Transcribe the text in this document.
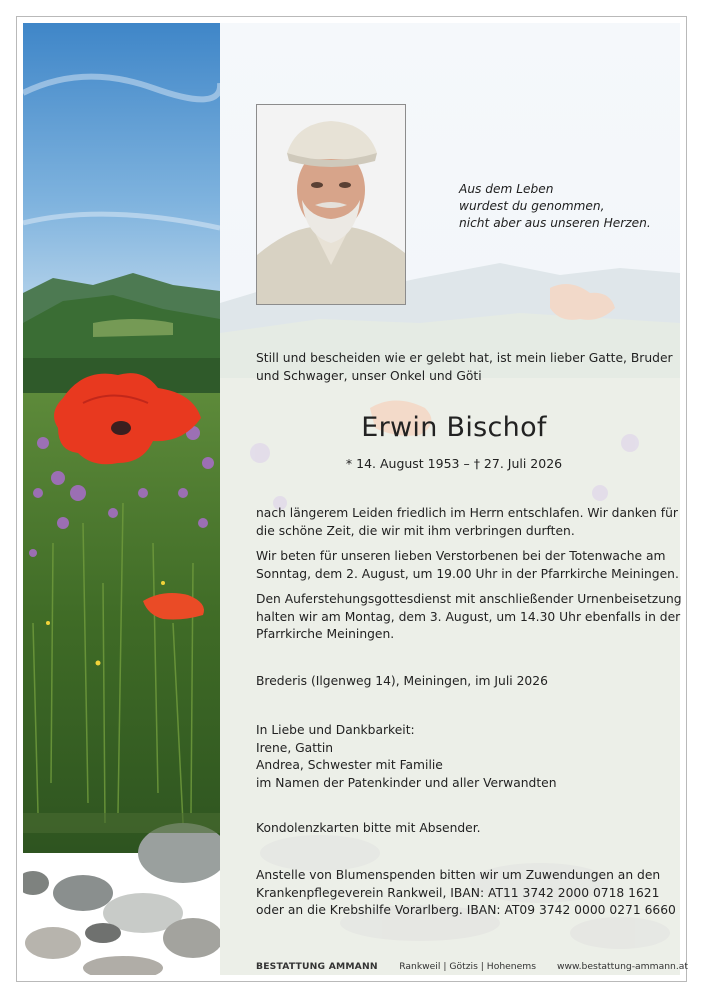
Aus dem Leben
wurdest du genommen,
nicht aber aus unseren Herzen.
Still und bescheiden wie er gelebt hat, ist mein lieber Gatte, Bruder
und Schwager, unser Onkel und Göti
Erwin Bischof
* 14. August 1953 – † 27. Juli 2026
nach längerem Leiden friedlich im Herrn entschlafen. Wir danken für
die schöne Zeit, die wir mit ihm verbringen durften.
Wir beten für unseren lieben Verstorbenen bei der Totenwache am
Sonntag, dem 2. August, um 19.00 Uhr in der Pfarrkirche Meiningen.
Den Auferstehungsgottesdienst mit anschließender Urnenbeisetzung
halten wir am Montag, dem 3. August, um 14.30 Uhr ebenfalls in der
Pfarrkirche Meiningen.
Brederis (Ilgenweg 14), Meiningen, im Juli 2026
In Liebe und Dankbarkeit:
Irene, Gattin
Andrea, Schwester mit Familie
im Namen der Patenkinder und aller Verwandten
Kondolenzkarten bitte mit Absender.
Anstelle von Blumenspenden bitten wir um Zuwendungen an den
Krankenpflegeverein Rankweil, IBAN: AT11 3742 2000 0718 1621
oder an die Krebshilfe Vorarlberg. IBAN: AT09 3742 0000 0271 6660
BESTATTUNG AMMANN Rankweil | Götzis | Hohenems www.bestattung-ammann.at
